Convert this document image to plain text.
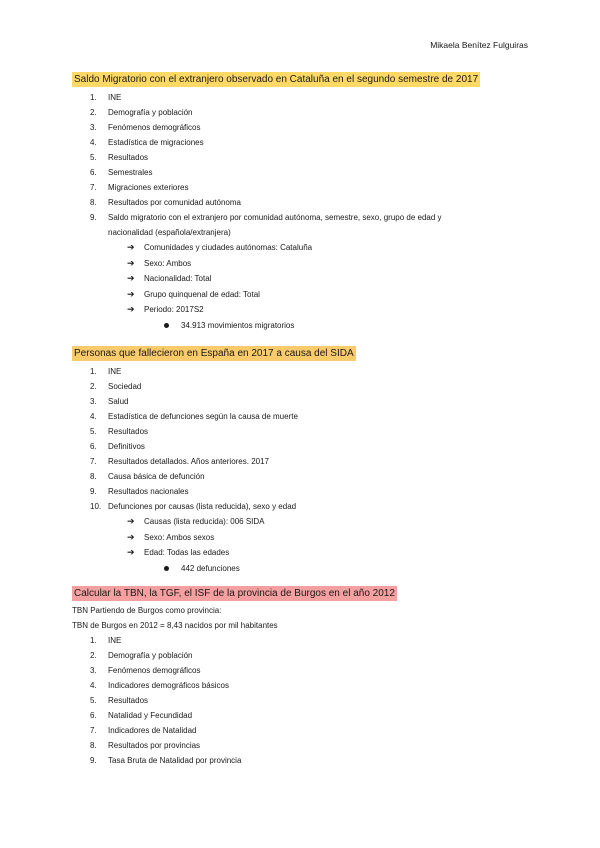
Mikaela Benítez Fulguiras
Saldo Migratorio con el extranjero observado en Cataluña en el segundo semestre de 2017
1. INE
2. Demografía y población
3. Fenómenos demográficos
4. Estadística de migraciones
5. Resultados
6. Semestrales
7. Migraciones exteriores
8. Resultados por comunidad autónoma
9. Saldo migratorio con el extranjero por comunidad autónoma, semestre, sexo, grupo de edad y nacionalidad (española/extranjera)
➔ Comunidades y ciudades autónomas: Cataluña
➔ Sexo: Ambos
➔ Nacionalidad: Total
➔ Grupo quinquenal de edad: Total
➔ Periodo: 2017S2
34.913 movimientos migratorios
Personas que fallecieron en España en 2017 a causa del SIDA
1. INE
2. Sociedad
3. Salud
4. Estadística de defunciones según la causa de muerte
5. Resultados
6. Definitivos
7. Resultados detallados. Años anteriores. 2017
8. Causa básica de defunción
9. Resultados nacionales
10. Defunciones por causas (lista reducida), sexo y edad
➔ Causas (lista reducida): 006 SIDA
➔ Sexo: Ambos sexos
➔ Edad: Todas las edades
442 defunciones
Calcular la TBN, la TGF, el ISF de la provincia de Burgos en el año 2012
TBN Partiendo de Burgos como provincia:
TBN de Burgos en 2012 = 8,43 nacidos por mil habitantes
1. INE
2. Demografía y población
3. Fenómenos demográficos
4. Indicadores demográficos básicos
5. Resultados
6. Natalidad y Fecundidad
7. Indicadores de Natalidad
8. Resultados por provincias
9. Tasa Bruta de Natalidad por provincia
